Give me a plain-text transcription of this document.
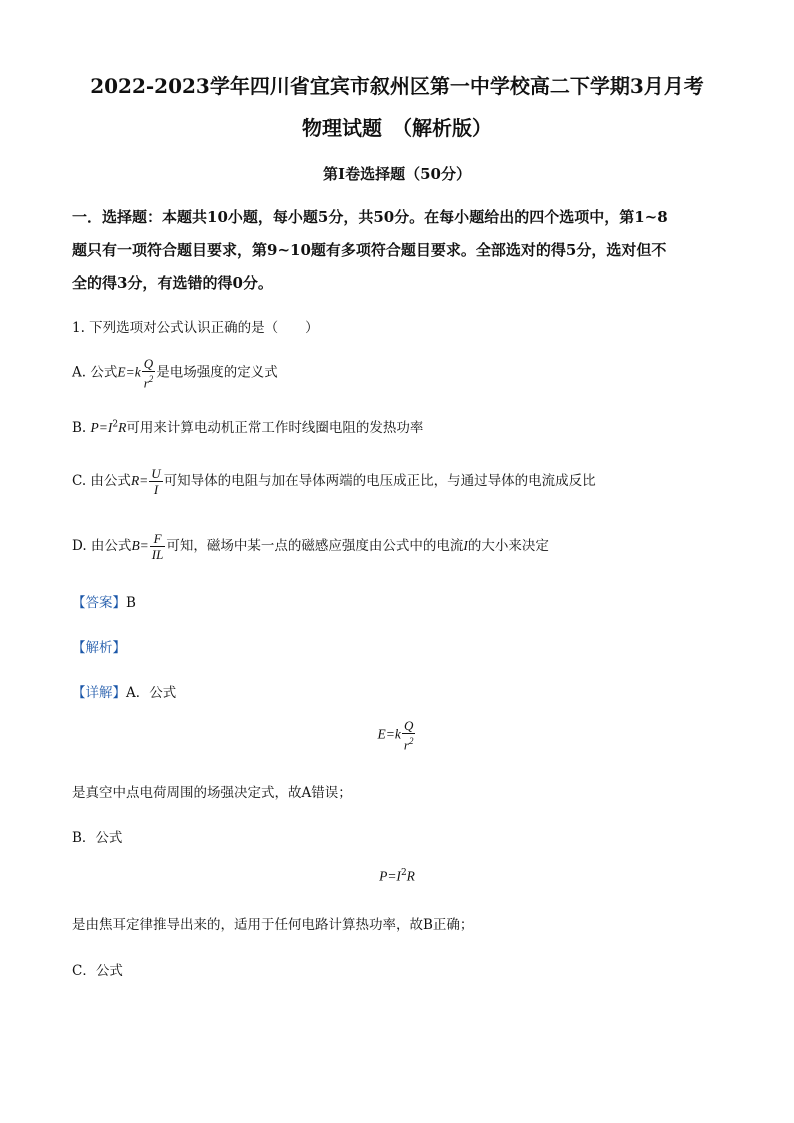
2022-2023学年四川省宜宾市叙州区第一中学校高二下学期3月月考
物理试题　（解析版）
第I卷选择题（50分）
一．选择题：本题共10小题，每小题5分，共50分。在每小题给出的四个选项中，第1~8
题只有一项符合题目要求，第9~10题有多项符合题目要求。全部选对的得5分，选对但不
全的得3分，有选错的得0分。
1. 下列选项对公式认识正确的是（　　）
A. 公式$E=k \frac{Q}{r^2}$ 是电场强度的定义式
B. $P=I^2R$可用来计算电动机正常工作时线圈电阻的发热功率
C. 由公式$R= \frac{U}{I}$ 可知导体的电阻与加在导体两端的电压成正比，与通过导体的电流成反比
D. 由公式$B= \frac{F}{IL}$ 可知，磁场中某一点的磁感应强度由公式中的电流I的大小来决定
【答案】B
【解析】
【详解】A．公式
$E=k \frac{Q}{r^2}$
是真空中点电荷周围的场强决定式，故A错误；
B．公式
$P=I^2R$
是由焦耳定律推导出来的，适用于任何电路计算热功率，故B正确；
C．公式
